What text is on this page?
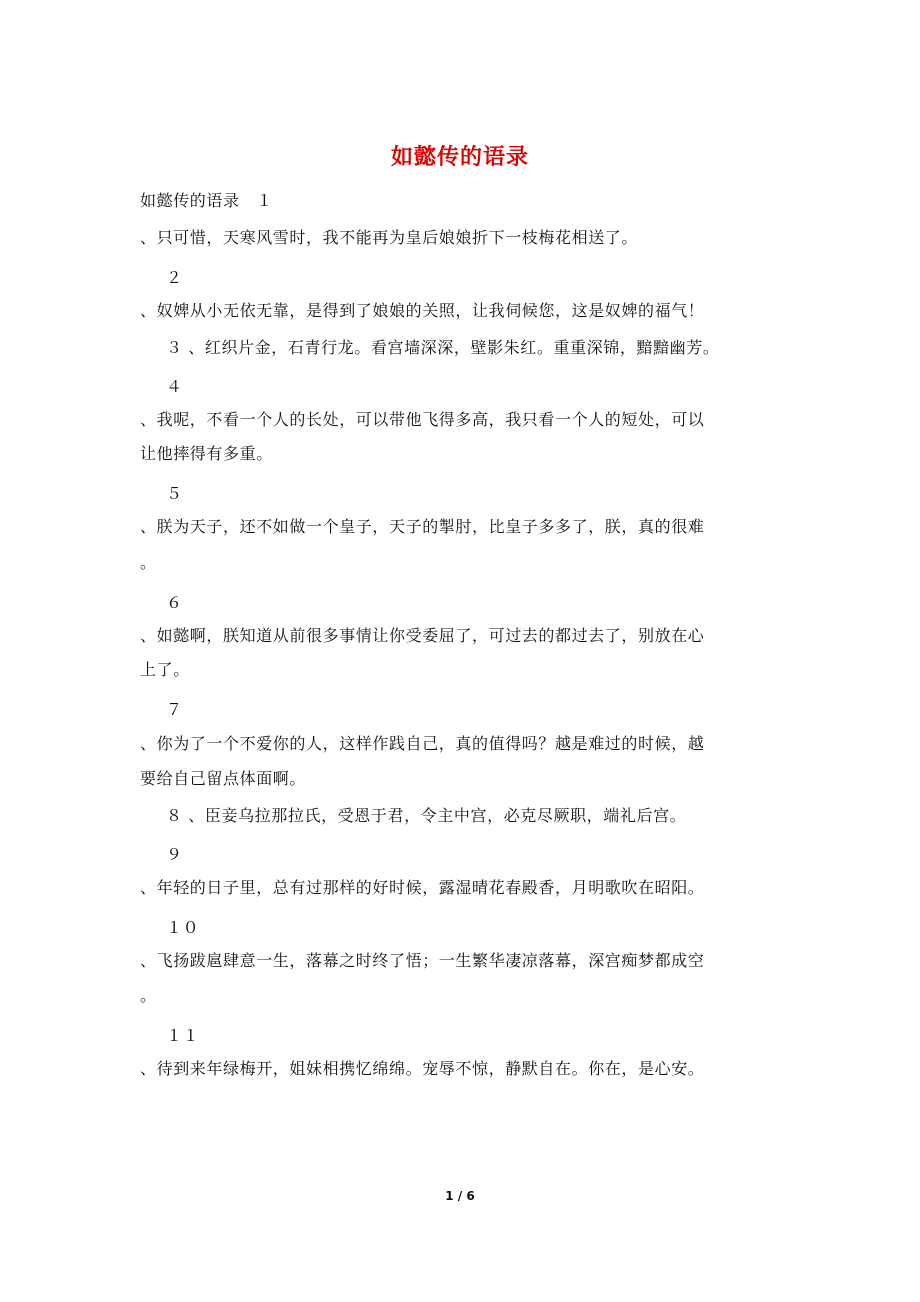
如懿传的语录
如懿传的语录　１
、只可惜，天寒风雪时，我不能再为皇后娘娘折下一枝梅花相送了。
２
、奴婢从小无依无靠，是得到了娘娘的关照，让我伺候您，这是奴婢的福气！
３ 、红织片金，石青行龙。看宫墙深深，壁影朱红。重重深锦，黯黯幽芳。
４
、我呢，不看一个人的长处，可以带他飞得多高，我只看一个人的短处，可以
让他摔得有多重。
５
、朕为天子，还不如做一个皇子，天子的掣肘，比皇子多多了，朕，真的很难
。
６
、如懿啊，朕知道从前很多事情让你受委屈了，可过去的都过去了，别放在心
上了。
７
、你为了一个不爱你的人，这样作践自己，真的值得吗？越是难过的时候，越
要给自己留点体面啊。
８ 、臣妾乌拉那拉氏，受恩于君，令主中宫，必克尽厥职，端礼后宫。
９
、年轻的日子里，总有过那样的好时候，露湿晴花春殿香，月明歌吹在昭阳。
１０
、飞扬跋扈肆意一生，落幕之时终了悟；一生繁华凄凉落幕，深宫痴梦都成空
。
１１
、待到来年绿梅开，姐妹相携忆绵绵。宠辱不惊，静默自在。你在，是心安。
1 / 6
